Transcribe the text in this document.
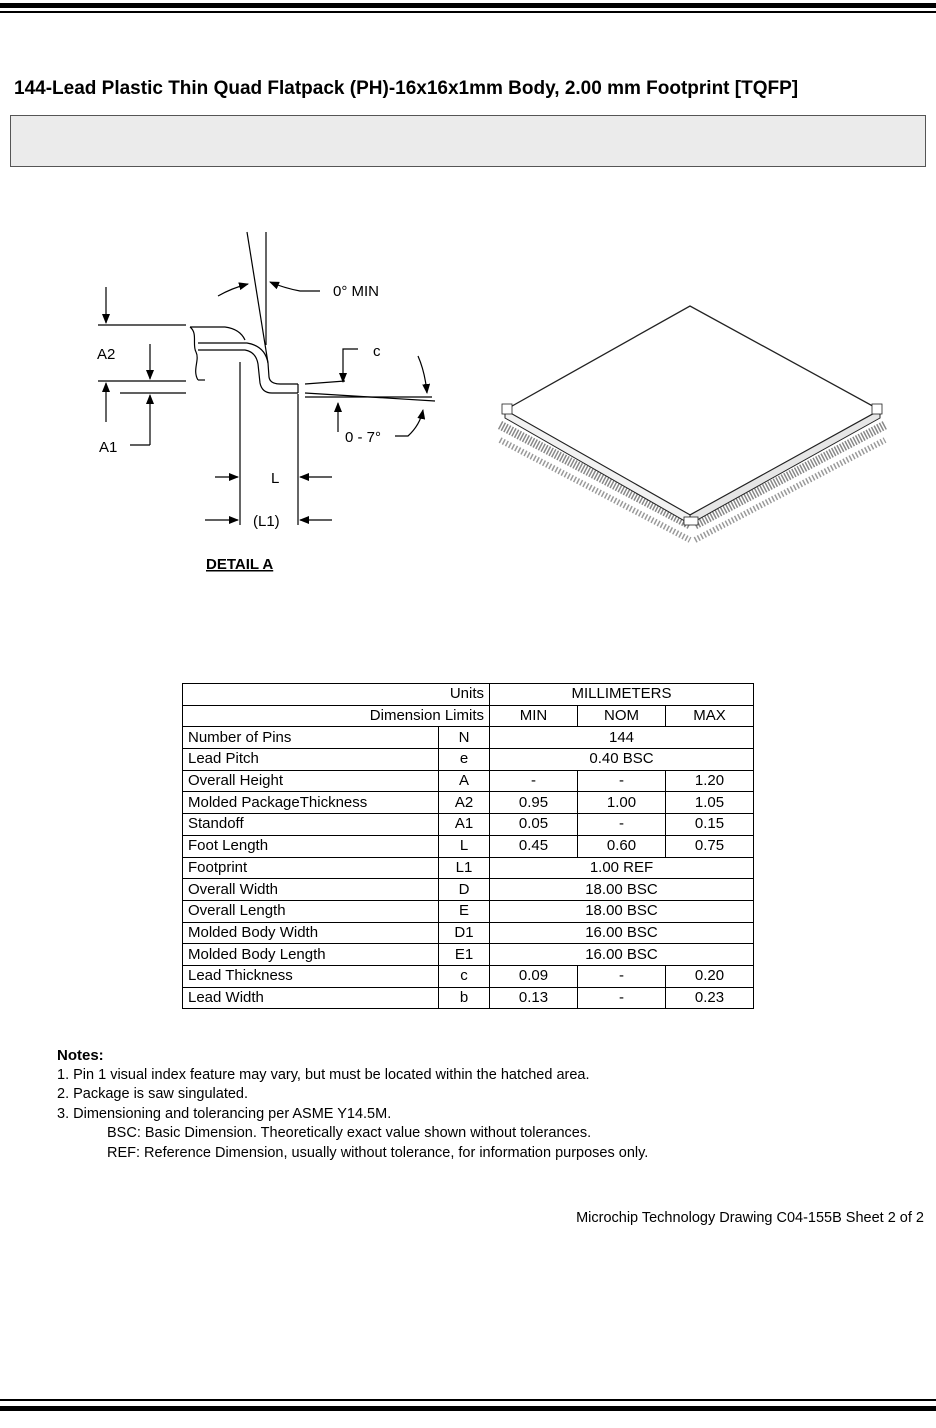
144-Lead Plastic Thin Quad Flatpack (PH)-16x16x1mm Body, 2.00 mm Footprint [TQFP]
0° MIN
c
A2
A1
0 - 7°
L
(L1)
DETAIL A
Units		MILLIMETERS		
Dimension Limits		MIN	NOM	MAX
Number of Pins	N	144		
Lead Pitch	e	0.40 BSC		
Overall Height	A	-	-	1.20
Molded PackageThickness	A2	0.95	1.00	1.05
Standoff	A1	0.05	-	0.15
Foot Length	L	0.45	0.60	0.75
Footprint	L1	1.00 REF		
Overall Width	D	18.00 BSC		
Overall Length	E	18.00 BSC		
Molded Body Width	D1	16.00 BSC		
Molded Body Length	E1	16.00 BSC		
Lead Thickness	c	0.09	-	0.20
Lead Width	b	0.13	-	0.23
Notes:
1. Pin 1 visual index feature may vary, but must be located within the hatched area.
2. Package is saw singulated.
3. Dimensioning and tolerancing per ASME Y14.5M.
BSC: Basic Dimension. Theoretically exact value shown without tolerances.
REF: Reference Dimension, usually without tolerance, for information purposes only.
Microchip Technology Drawing C04-155B Sheet 2 of 2
